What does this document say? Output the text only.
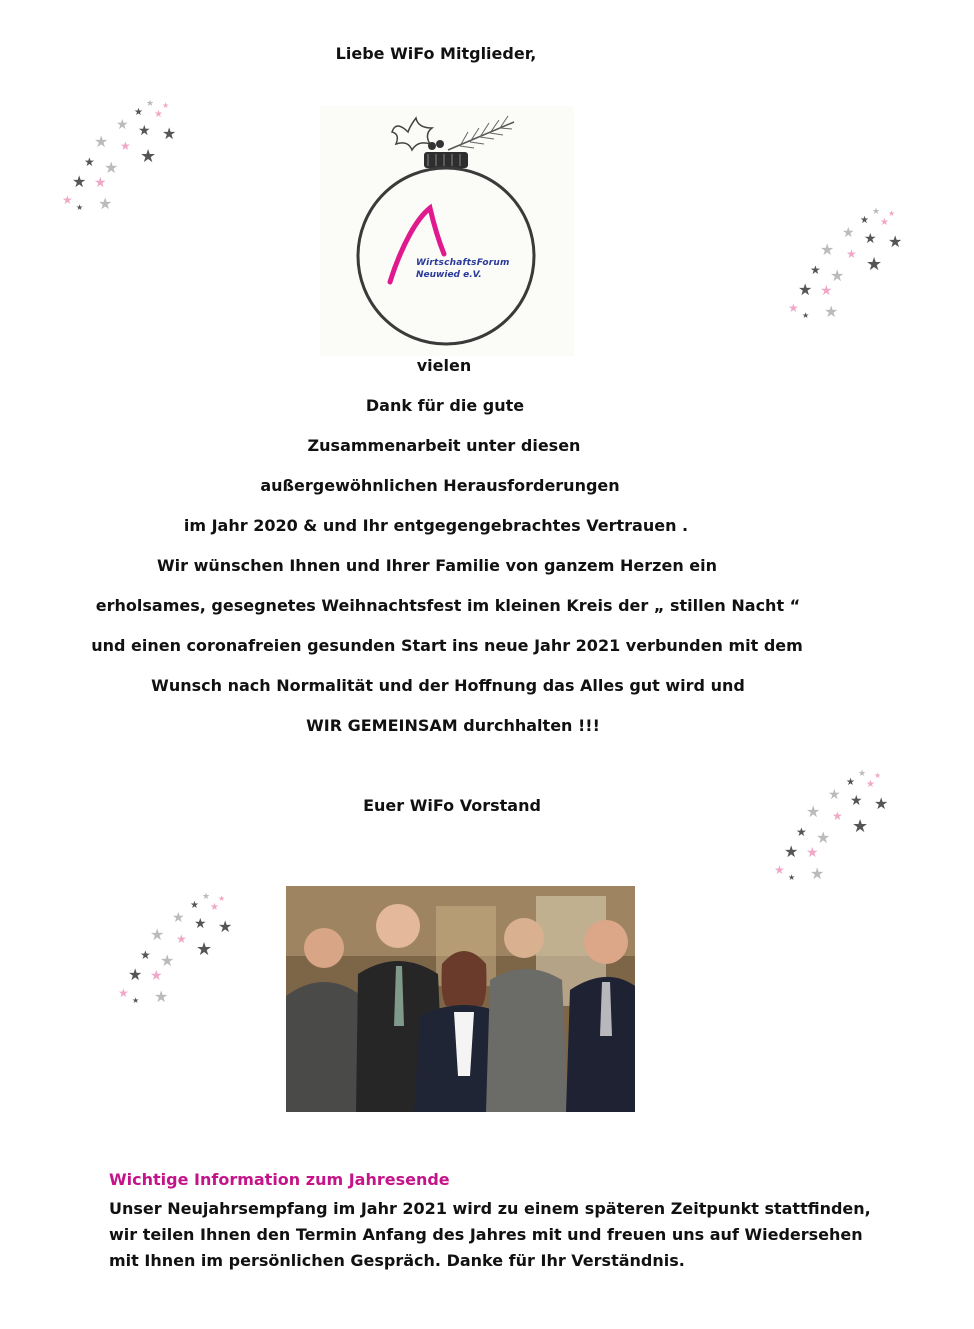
Liebe WiFo Mitglieder,
★ ★
★ ★
★ ★ ★
★ ★ ★
★ ★
★ ★
★ ★
★	★ ★
★ ★
★ ★ ★
★ ★ ★
★ ★
★ ★
★ ★
★
★ ★
★ ★
★ ★ ★
★ ★ ★
★ ★
★ ★
★ ★
★
★ ★
★ ★
★ ★ ★
★ ★ ★
★ ★
★ ★
★ ★
★
WirtschaftsForum
Neuwied e.V.
vielen
Dank für die gute
Zusammenarbeit unter diesen
außergewöhnlichen Herausforderungen
im Jahr 2020 & und Ihr entgegengebrachtes Vertrauen .
Wir wünschen Ihnen und Ihrer Familie von ganzem Herzen ein
erholsames, gesegnetes Weihnachtsfest im kleinen Kreis der „ stillen Nacht “
und einen coronafreien gesunden Start ins neue Jahr 2021 verbunden mit dem
Wunsch nach Normalität und der Hoffnung das Alles gut wird und
WIR GEMEINSAM durchhalten !!!
Euer WiFo Vorstand
Wichtige Information zum Jahresende
Unser Neujahrsempfang im Jahr 2021 wird zu einem späteren Zeitpunkt stattfinden, wir teilen Ihnen den Termin Anfang des Jahres mit und freuen uns auf Wiedersehen mit Ihnen im persönlichen Gespräch. Danke für Ihr Verständnis.
